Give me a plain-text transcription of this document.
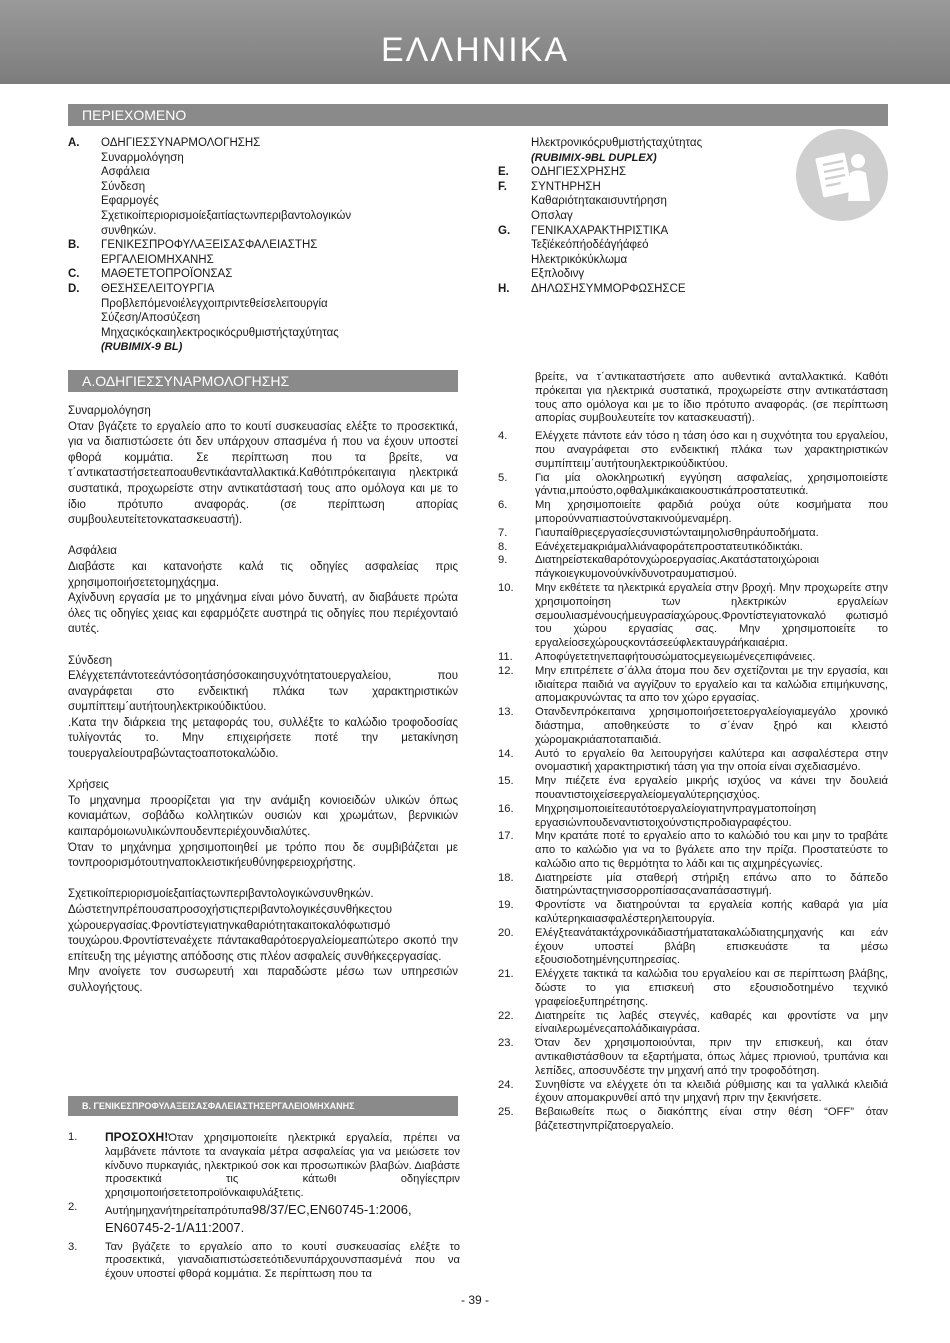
ΕΛΛΗΝΙΚΑ
ΠΕΡΙΕΧΟΜΕΝΟ
A.	ΟΔΗΓΙΕΣΣΥΝΑΡΜΟΛΟΓΗΣΗΣ
Συναρμολόγηση
Ασφάλεια
Σύνδεση
Εφαρμογές
Σχετικοίπεριορισμοίεξαιτίαςτωνπεριβαντολογικών
συνθηκών.
B.	ΓΕΝΙΚΕΣΠΡΟΦΥΛΑΞΕΙΣΑΣΦΑΛΕΙΑΣΤΗΣ
ΕΡΓΑΛΕΙΟΜΗΧΑΝΗΣ
C.	ΜΑΘΕΤΕΤΟΠΡΟΪΟΝΣΑΣ
D.	ΘΕΣΗΣΕΛΕΙΤΟΥΡΓΙΑ
Προβλεπόμενοιέλεγχοιπριντεθείσελειτουργία
Σύζεση/Αποσύζεση
Μηχαςικόςκαιηλεκτροςικόςρυθμιστήςταχύτητας
(RUBIMIX-9 BL)
Ηλεκτρονικόςρυθμιστήςταχύτητας
(RUBIMIX-9BL DUPLEX)
E.	ΟΔΗΓΙΕΣΧΡΗΣΗΣ
F.	ΣΥΝΤΗΡΗΣΗ
Καθαριότητακαισυντήρηση
Οπσλαγ
G.	ΓΕΝΙΚΑΧΑΡΑΚΤΗΡΙΣΤΙΚΑ
Τεξϊέκεόπήοδέάγήάφεό
Ηλεκτρικόκύκλωμα
Εξπλοδινγ
H.	ΔΗΛΩΣΗΣΥΜΜΟΡΦΩΣΗΣCE
A.ΟΔΗΓΙΕΣΣΥΝΑΡΜΟΛΟΓΗΣΗΣ
Συναρμολόγηση

Οταν βγάζετε το εργαλείο απο το κουτί συσκευασίας ελέξτε το προσεκτικά, για να διαπιστώσετε ότι δεν υπάρχουν σπασμένα ή που να έχουν υποστεί φθορά κομμάτια. Σε περίπτωση που τα βρείτε, να τ΄αντικαταστήσετεαποαυθεντικάανταλλακτικά.Καθότιπρόκειταιγια ηλεκτρικά συστατικά, προχωρείστε στην αντικατάστασή τους απο ομόλογα και με το ίδιο πρότυπο αναφοράς. (σε περίπτωση απορίας συμβουλευτείτετονκατασκευαστή).

Ασφάλεια

Διαβάστε και κατανοήστε καλά τις οδηγίες ασφαλείας πρις χρησιμοποιήσετετομηχάςημα.

Αχίνδυνη εργασία με το μηχάνημα είναι μόνο δυνατή, αν διαβάυετε πρώτα όλες τις οδηγίες χειας και εφαρμόζετε αυστηρά τις οδηγίες που περιέχονταιό αυτές.

Σύνδεση

Ελέγχετεπάντοτεεάντόσοητάσηόσοκαιησυχνότητατουεργαλείου, που αναγράφεται στο ενδεικτική πλάκα των χαρακτηριστικών συμπίπτειμ΄αυτήτουηλεκτρικούδικτύου.

.Κατα την διάρκεια της μεταφοράς του, συλλέξτε το καλώδιο τροφοδοσίας τυλίγοντάς το. Μην επιχειρήσετε ποτέ την μετακίνηση τουεργαλείουτραβώνταςτοαποτοκαλώδιο.

Χρήσεις

Το μηχανημα προορίζεται για την ανάμιξη κονιοειδών υλικών όπως κονιαμάτων, σοβάδω κολλητικών ουσιών και χρωμάτων, βερνικιών καιπαρόμοιωνυλικώνπουδενπεριέχουνδιαλύτες.

Όταν το μηχάνημα χρησιμοποιηθεί με τρόπο που δε συμβιβάζεται με τονπροορισμότουτηναποκλειστικήευθύνηφερειοχρήστης.

Σχετικοίπεριορισμοίεξαιτίαςτωνπεριβαντολογικώνσυνθηκών.

Δώστετηνπρέπουσαπροσοχήστιςπεριβαντολογικέςσυνθήκεςτου χώρουεργασίας.Φροντίστεγιατηνκαθαριότητακαιτοκαλόφωτισμό τουχώρου.Φροντίστεναέχετε πάντακαθαρότοεργαλείομεαπώτερο σκοπό την επίτευξη της μέγιστης απόδοσης στις πλέον ασφαλείς συνθήκεςεργασίας.

Μην ανοίγετε τον συσωρευτή xαι παραδώστε μέσω των υπηρεσιών συλλογήςτους.

B. ΓΕΝΙΚΕΣΠΡΟΦΥΛΑΞΕΙΣΑΣΦΑΛΕΙΑΣΤΗΣΕΡΓΑΛΕΙΟΜΗΧΑΝΗΣ
1.	ΠΡΟΣΟΧΗ!Όταν χρησιμοποιείτε ηλεκτρικά εργαλεία, πρέπει να λαμβάνετε πάντοτε τα αναγκαία μέτρα ασφαλείας για να μειώσετε τον κίνδυνο πυρκαγιάς, ηλεκτρικού σοκ και προσωπικών βλαβών. Διαβάστε προσεκτικά τις κάτωθι οδηγίεςπριν χρησιμοποιήσετετοπροϊόνκαιφυλάξτετις.
2.	Αυτήημηχανήτηρείταπρότυπα98/37/EC,EN60745-1:2006, EN60745-2-1/A11:2007.
3.	Ταν βγάζετε το εργαλείο απο το κουτί συσκευασίας ελέξτε το προσεκτικά, γιαναδιαπιστώσετεότιδενυπάρχουνσπασμένά που να έχουν υποστεί φθορά κομμάτια. Σε περίπτωση που τα
βρείτε, να τ΄αντικαταστήσετε απο αυθεντικά ανταλλακτικά. Καθότι πρόκειται για ηλεκτρικά συστατικά, προχωρείστε στην αντικατάσταση τους απο ομόλογα και με το ίδιο πρότυπο αναφοράς. (σε περίπτωση απορίας συμβουλευτείτε τον κατασκευαστή).
4.	Ελέγχετε πάντοτε εάν τόσο η τάση όσο και η συχνότητα του εργαλείου, που αναγράφεται στο ενδεικτική πλάκα των χαρακτηριστικών συμπίπτειμ΄αυτήτουηλεκτρικούδικτύου.
5.	Για μία ολοκληρωτική εγγύηση ασφαλείας, χρησιμοποιείστε γάντια,μπούστο,οφθαλμικάκαιακουστικάπροστατευτικά.
6.	Μη χρησιμοποιείτε φαρδιά ρούχα ούτε κοσμήματα που μπορούνναπιαστούνστακινούμεναμέρη.
7.	Γιαυπαίθριεςεργασίεςσυνιστώνταιμηολισθηράυποδήματα.
8.	Εάνέχετεμακριάμαλλιάναφοράτεπροστατευτικόδικτάκι.
9.	Διατηρείστεκαθαρότονχώροεργασίας.Ακατάστατοιχώροιαι πάγκοιεγκυμονούνκίνδυνοτραυματισμού.
10.	Μην εκθέτετε τα ηλεκτρικά εργαλεία στην βροχή. Μην προχωρείτε στην χρησιμοποίηση των ηλεκτρικών εργαλείων σεμουλιασμένουςήμευγρασίαχώρους.Φροντίστεγιατονκαλό φωτισμό του χώρου εργασίας σας. Μην χρησιμοποιείτε το εργαλείοσεχώρουςκοντάσεεύφλεκταυγράήκαιαέρια.
11.	Αποφύγετετηνεπαφήτουσώματοςμεγειωμένεςεπιφάνειες.
12.	Μην επιτρέπετε σ΄άλλα άτομα που δεν σχετίζονται με την εργασία, και ιδιαίτερα παιδιά να αγγίζουν το εργαλείο και τα καλώδια επιμήκυνσης, απομακρυνώντας τα απο τον χώρο εργασίας.
13.	Οτανδενπρόκειταινα χρησιμοποιήσετετοεργαλείογιαμεγάλο χρονικό διάστημα, αποθηκεύστε το σ΄έναν ξηρό και κλειστό χώρομακριάαποταπαιδιά.
14.	Αυτό το εργαλείο θα λειτουργήσει καλύτερα και ασφαλέστερα στην ονομαστική χαρακτηριστική τάση για την οποία είναι σχεδιασμένο.
15.	Μην πιέζετε ένα εργαλείο μικρής ισχύος να κάνει την δουλειά πουαντιστοιχείσεεργαλείομεγαλύτερηςισχύος.
16.	Μηχρησιμοποιείτεαυτότοεργαλείογιατηνπραγματοποίηση εργασιώνπουδεναντιστοιχούνστιςπροδιαγραφέςτου.
17.	Μην κρατάτε ποτέ το εργαλείο απο το καλώδιό του και μην το τραβάτε απο το καλώδιο για να το βγάλετε απο την πρίζα. Προστατεύστε το καλώδιο απο τις θερμότητα το λάδι και τις αιχμηρέςγωνίες.
18.	Διατηρείστε μία σταθερή στήριξη επάνω απο το δάπεδο διατηρώνταςτηνισσορροπίασαςαναπάσαστιγμή.
19.	Φροντίστε να διατηρούνται τα εργαλεία κοπής καθαρά για μία καλύτερηκαιασφαλέστερηλειτουργία.
20.	Ελέγξτεανάτακτάχρονικάδιαστήματατακαλώδιατηςμηχανής και εάν έχουν υποστεί βλάβη επισκευάστε τα μέσω εξουσιοδοτημένηςυπηρεσίας.
21.	Ελέγχετε τακτικά τα καλώδια του εργαλείου και σε περίπτωση βλάβης, δώστε το για επισκευή στο εξουσιοδοτημένο τεχνικό γραφείοεξυπηρέτησης.
22.	Διατηρείτε τις λαβές στεγνές, καθαρές και φροντίστε να μην είναιλερωμένεςαπολάδικαιγράσα.
23.	Όταν δεν χρησιμοποιούνται, πριν την επισκευή, και όταν αντικαθιστάσθουν τα εξαρτήματα, όπως λάμες πριονιού, τρυπάνια και λεπίδες, αποσυνδέστε την μηχανή από την τροφοδότηση.
24.	Συνηθίστε να ελέγχετε ότι τα κλειδιά ρύθμισης και τα γαλλικά κλειδιά έχουν απομακρυνθεί από την μηχανή πριν την ξεκινήσετε.
25.	Βεβαιωθείτε πως ο διακόπτης είναι στην θέση “OFF” όταν βάζετεστηνπρίζατοεργαλείο.
- 39 -
